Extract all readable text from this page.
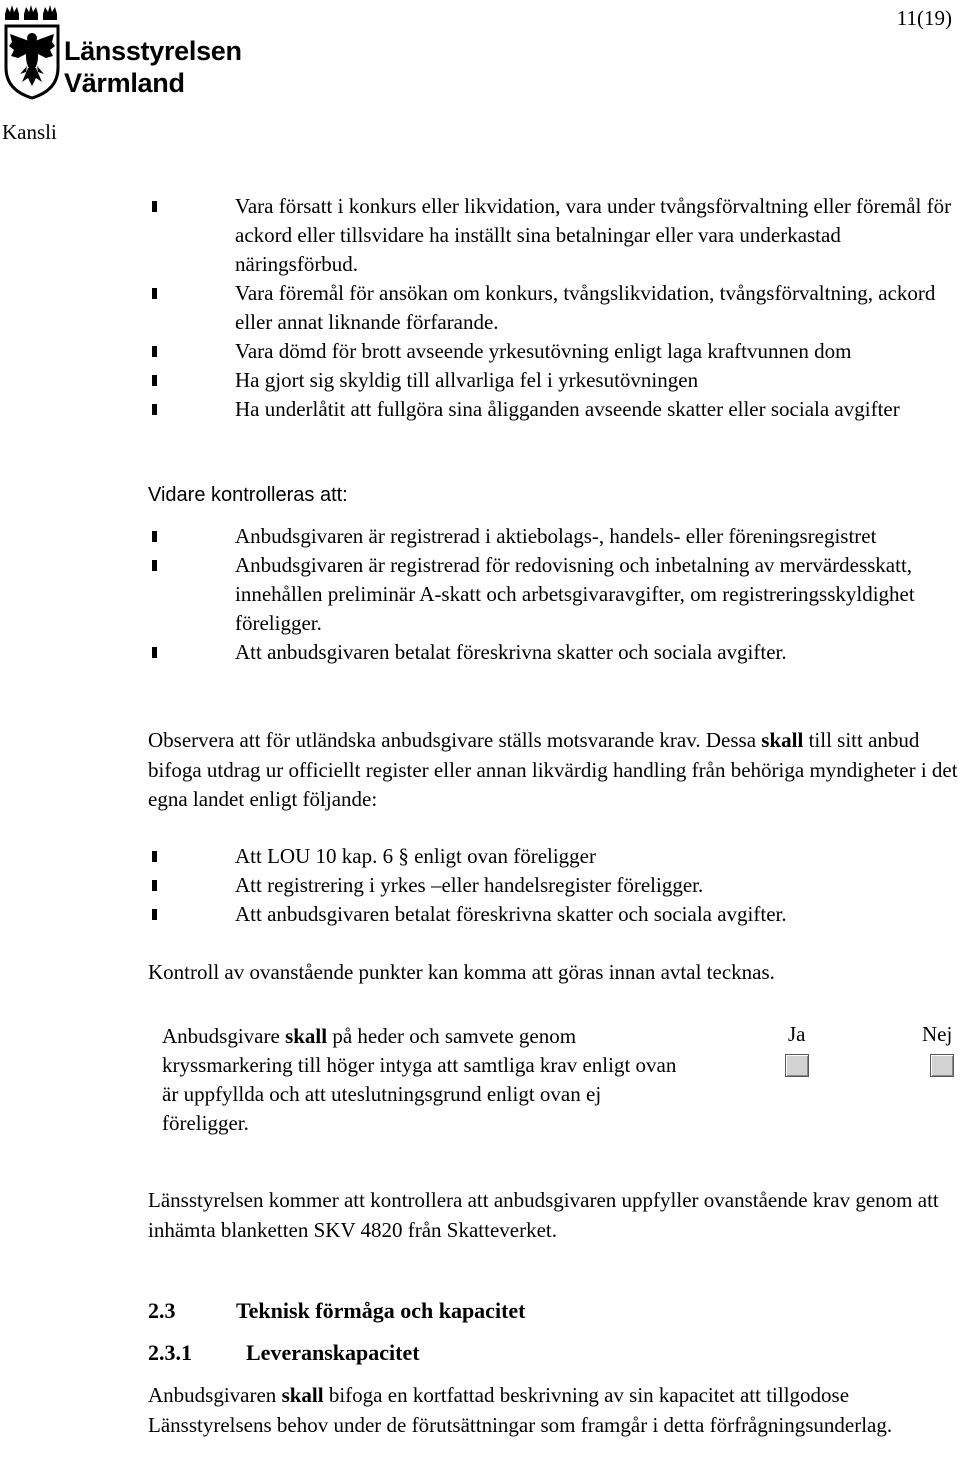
Länsstyrelsen
Värmland
11(19)
Kansli
Vara försatt i konkurs eller likvidation, vara under tvångsförvaltning eller föremål för ackord eller tillsvidare ha inställt sina betalningar eller vara underkastad näringsförbud.
Vara föremål för ansökan om konkurs, tvångslikvidation, tvångsförvaltning, ackord eller annat liknande förfarande.
Vara dömd för brott avseende yrkesutövning enligt laga kraftvunnen dom
Ha gjort sig skyldig till allvarliga fel i yrkesutövningen
Ha underlåtit att fullgöra sina åligganden avseende skatter eller sociala avgifter
Vidare kontrolleras att:
Anbudsgivaren är registrerad i aktiebolags-, handels- eller föreningsregistret
Anbudsgivaren är registrerad för redovisning och inbetalning av mervärdesskatt, innehållen preliminär A-skatt och arbetsgivaravgifter, om registreringsskyldighet föreligger.
Att anbudsgivaren betalat föreskrivna skatter och sociala avgifter.
Observera att för utländska anbudsgivare ställs motsvarande krav. Dessa skall till sitt anbud bifoga utdrag ur officiellt register eller annan likvärdig handling från behöriga myndigheter i det egna landet enligt följande:
Att LOU 10 kap. 6 § enligt ovan föreligger
Att registrering i yrkes –eller handelsregister föreligger.
Att anbudsgivaren betalat föreskrivna skatter och sociala avgifter.
Kontroll av ovanstående punkter kan komma att göras innan avtal tecknas.
Anbudsgivare skall på heder och samvete genom kryssmarkering till höger intyga att samtliga krav enligt ovan är uppfyllda och att uteslutningsgrund enligt ovan ej föreligger.
Ja	Nej
Länsstyrelsen kommer att kontrollera att anbudsgivaren uppfyller ovanstående krav genom att inhämta blanketten SKV 4820 från Skatteverket.
2.3	Teknisk förmåga och kapacitet
2.3.1 Leveranskapacitet
Anbudsgivaren skall bifoga en kortfattad beskrivning av sin kapacitet att tillgodose Länsstyrelsens behov under de förutsättningar som framgår i detta förfrågningsunderlag.
